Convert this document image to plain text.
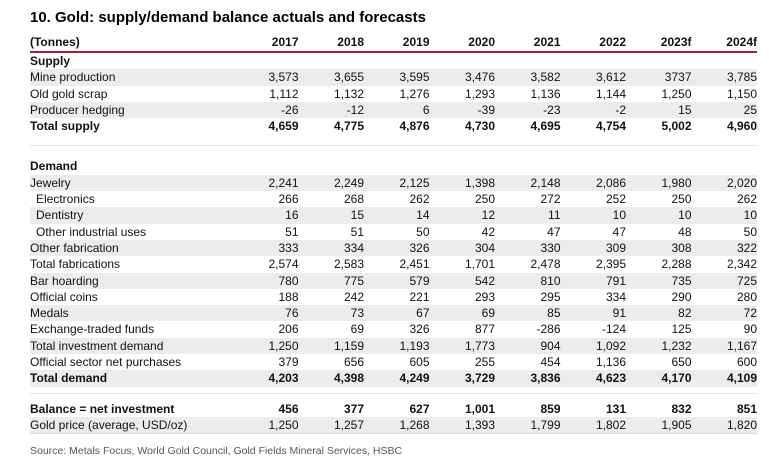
10. Gold: supply/demand balance actuals and forecasts
(Tonnes)	2017	2018	2019	2020	2021	2022	2023f	2024f
Supply
Mine production	3,573	3,655	3,595	3,476	3,582	3,612	3737	3,785
Old gold scrap	1,112	1,132	1,276	1,293	1,136	1,144	1,250	1,150
Producer hedging	-26	-12	6	-39	-23	-2	15	25
Total supply	4,659	4,775	4,876	4,730	4,695	4,754	5,002	4,960
Demand
Jewelry	2,241	2,249	2,125	1,398	2,148	2,086	1,980	2,020
Electronics	266	268	262	250	272	252	250	262
Dentistry	16	15	14	12	11	10	10	10
Other industrial uses	51	51	50	42	47	47	48	50
Other fabrication	333	334	326	304	330	309	308	322
Total fabrications	2,574	2,583	2,451	1,701	2,478	2,395	2,288	2,342
Bar hoarding	780	775	579	542	810	791	735	725
Official coins	188	242	221	293	295	334	290	280
Medals	76	73	67	69	85	91	82	72
Exchange-traded funds	206	69	326	877	-286	-124	125	90
Total investment demand	1,250	1,159	1,193	1,773	904	1,092	1,232	1,167
Official sector net purchases	379	656	605	255	454	1,136	650	600
Total demand	4,203	4,398	4,249	3,729	3,836	4,623	4,170	4,109
Balance = net investment	456	377	627	1,001	859	131	832	851
Gold price (average, USD/oz)	1,250	1,257	1,268	1,393	1,799	1,802	1,905	1,820
Source: Metals Focus, World Gold Council, Gold Fields Mineral Services, HSBC
